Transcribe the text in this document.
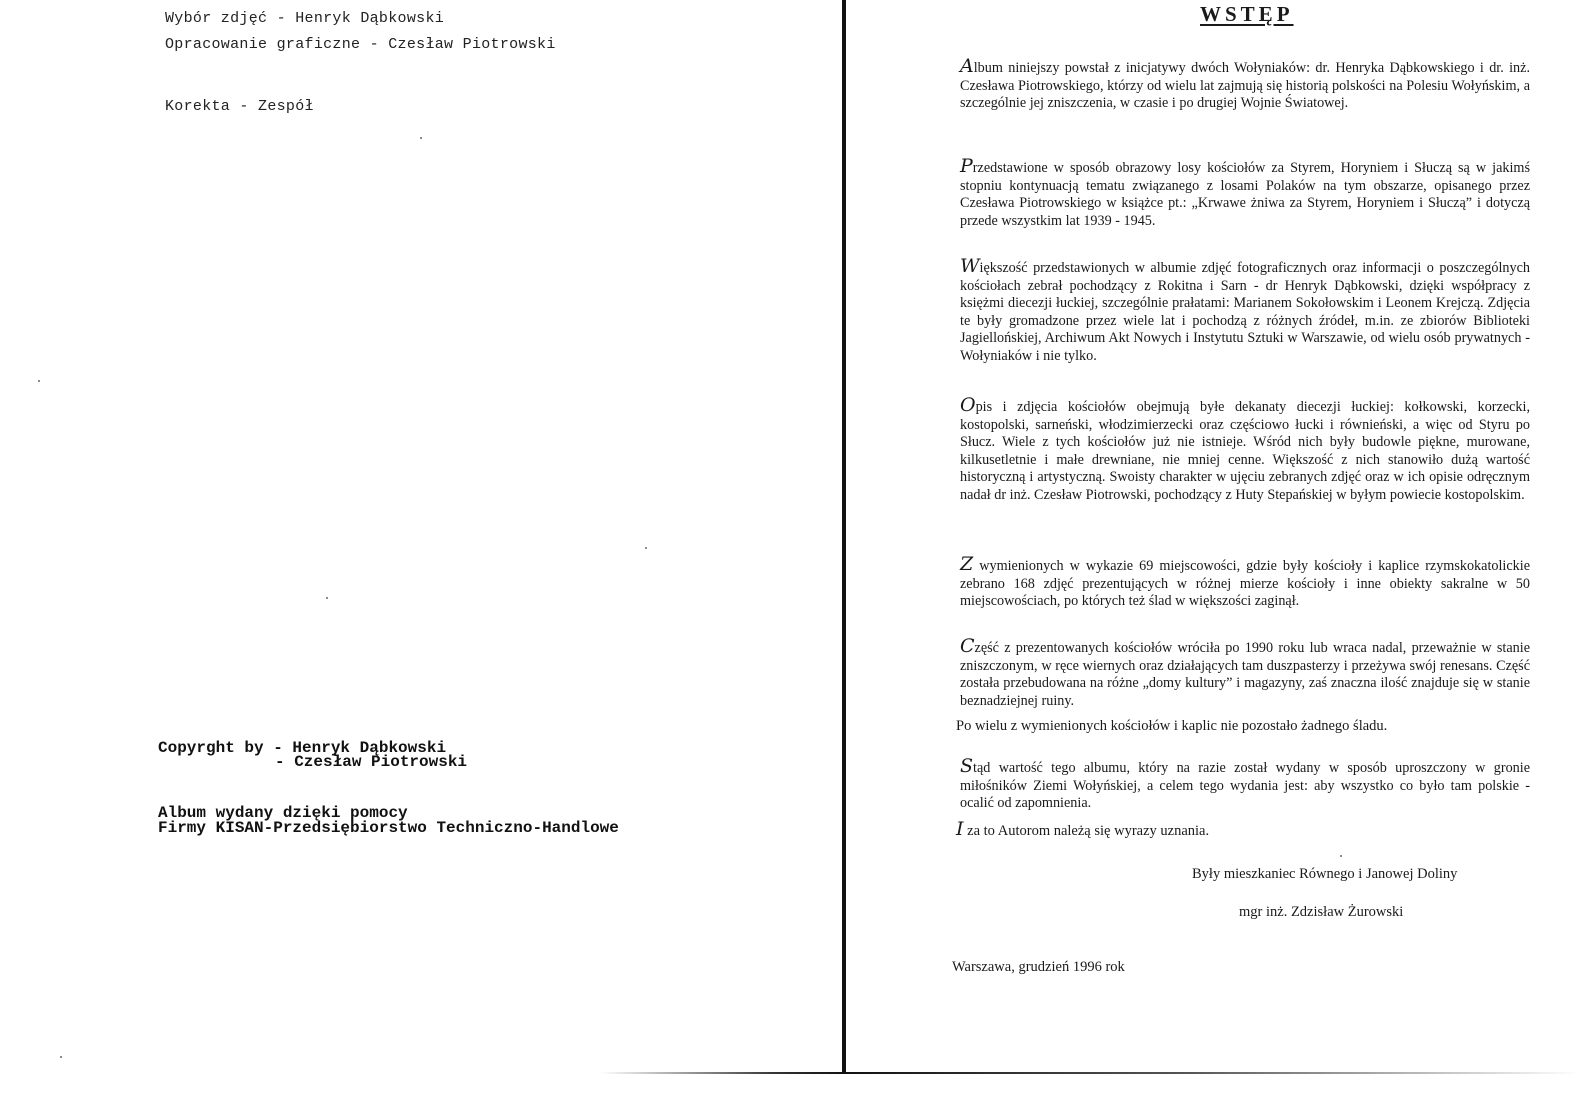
Wybór zdjęć - Henryk Dąbkowski
Opracowanie graficzne - Czesław Piotrowski
Korekta - Zespół
Copyrght by - Henryk Dąbkowski
- Czesław Piotrowski
Album wydany dzięki pomocy
Firmy KISAN-Przedsiębiorstwo Techniczno-Handlowe
WSTĘP

Album niniejszy powstał z inicjatywy dwóch Wołyniaków: dr. Henryka Dąbkowskiego i dr. inż. Czesława Piotrowskiego, którzy od wielu lat zajmują się historią polskości na Polesiu Wołyńskim, a szczególnie jej zniszczenia, w czasie i po drugiej Wojnie Światowej.

Przedstawione w sposób obrazowy losy kościołów za Styrem, Horyniem i Słuczą są w jakimś stopniu kontynuacją tematu związanego z losami Polaków na tym obszarze, opisanego przez Czesława Piotrowskiego w książce pt.: „Krwawe żniwa za Styrem, Horyniem i Słuczą” i dotyczą przede wszystkim lat 1939 - 1945.

Większość przedstawionych w albumie zdjęć fotograficznych oraz informacji o poszczególnych kościołach zebrał pochodzący z Rokitna i Sarn - dr Henryk Dąbkowski, dzięki współpracy z księżmi diecezji łuckiej, szczególnie prałatami: Marianem Sokołowskim i Leonem Krejczą. Zdjęcia te były gromadzone przez wiele lat i pochodzą z różnych źródeł, m.in. ze zbiorów Biblioteki Jagiellońskiej, Archiwum Akt Nowych i Instytutu Sztuki w Warszawie, od wielu osób prywatnych - Wołyniaków i nie tylko.

Opis i zdjęcia kościołów obejmują byłe dekanaty diecezji łuckiej: kołkowski, korzecki, kostopolski, sarneński, włodzimierzecki oraz częściowo łucki i równieński, a więc od Styru po Słucz. Wiele z tych kościołów już nie istnieje. Wśród nich były budowle piękne, murowane, kilkusetletnie i małe drewniane, nie mniej cenne. Większość z nich stanowiło dużą wartość historyczną i artystyczną. Swoisty charakter w ujęciu zebranych zdjęć oraz w ich opisie odręcznym nadał dr inż. Czesław Piotrowski, pochodzący z Huty Stepańskiej w byłym powiecie kostopolskim.

Z wymienionych w wykazie 69 miejscowości, gdzie były kościoły i kaplice rzymskokatolickie zebrano 168 zdjęć prezentujących w różnej mierze kościoły i inne obiekty sakralne w 50 miejscowościach, po których też ślad w większości zaginął.

Część z prezentowanych kościołów wróciła po 1990 roku lub wraca nadal, przeważnie w stanie zniszczonym, w ręce wiernych oraz działających tam duszpasterzy i przeżywa swój renesans. Część została przebudowana na różne „domy kultury” i magazyny, zaś znaczna ilość znajduje się w stanie beznadziejnej ruiny.

Po wielu z wymienionych kościołów i kaplic nie pozostało żadnego śladu.

Stąd wartość tego albumu, który na razie został wydany w sposób uproszczony w gronie miłośników Ziemi Wołyńskiej, a celem tego wydania jest: aby wszystko co było tam polskie - ocalić od zapomnienia.

I za to Autorom należą się wyrazy uznania.
Były mieszkaniec Równego i Janowej Doliny
mgr inż. Zdzisław Żurowski
Warszawa, grudzień 1996 rok
